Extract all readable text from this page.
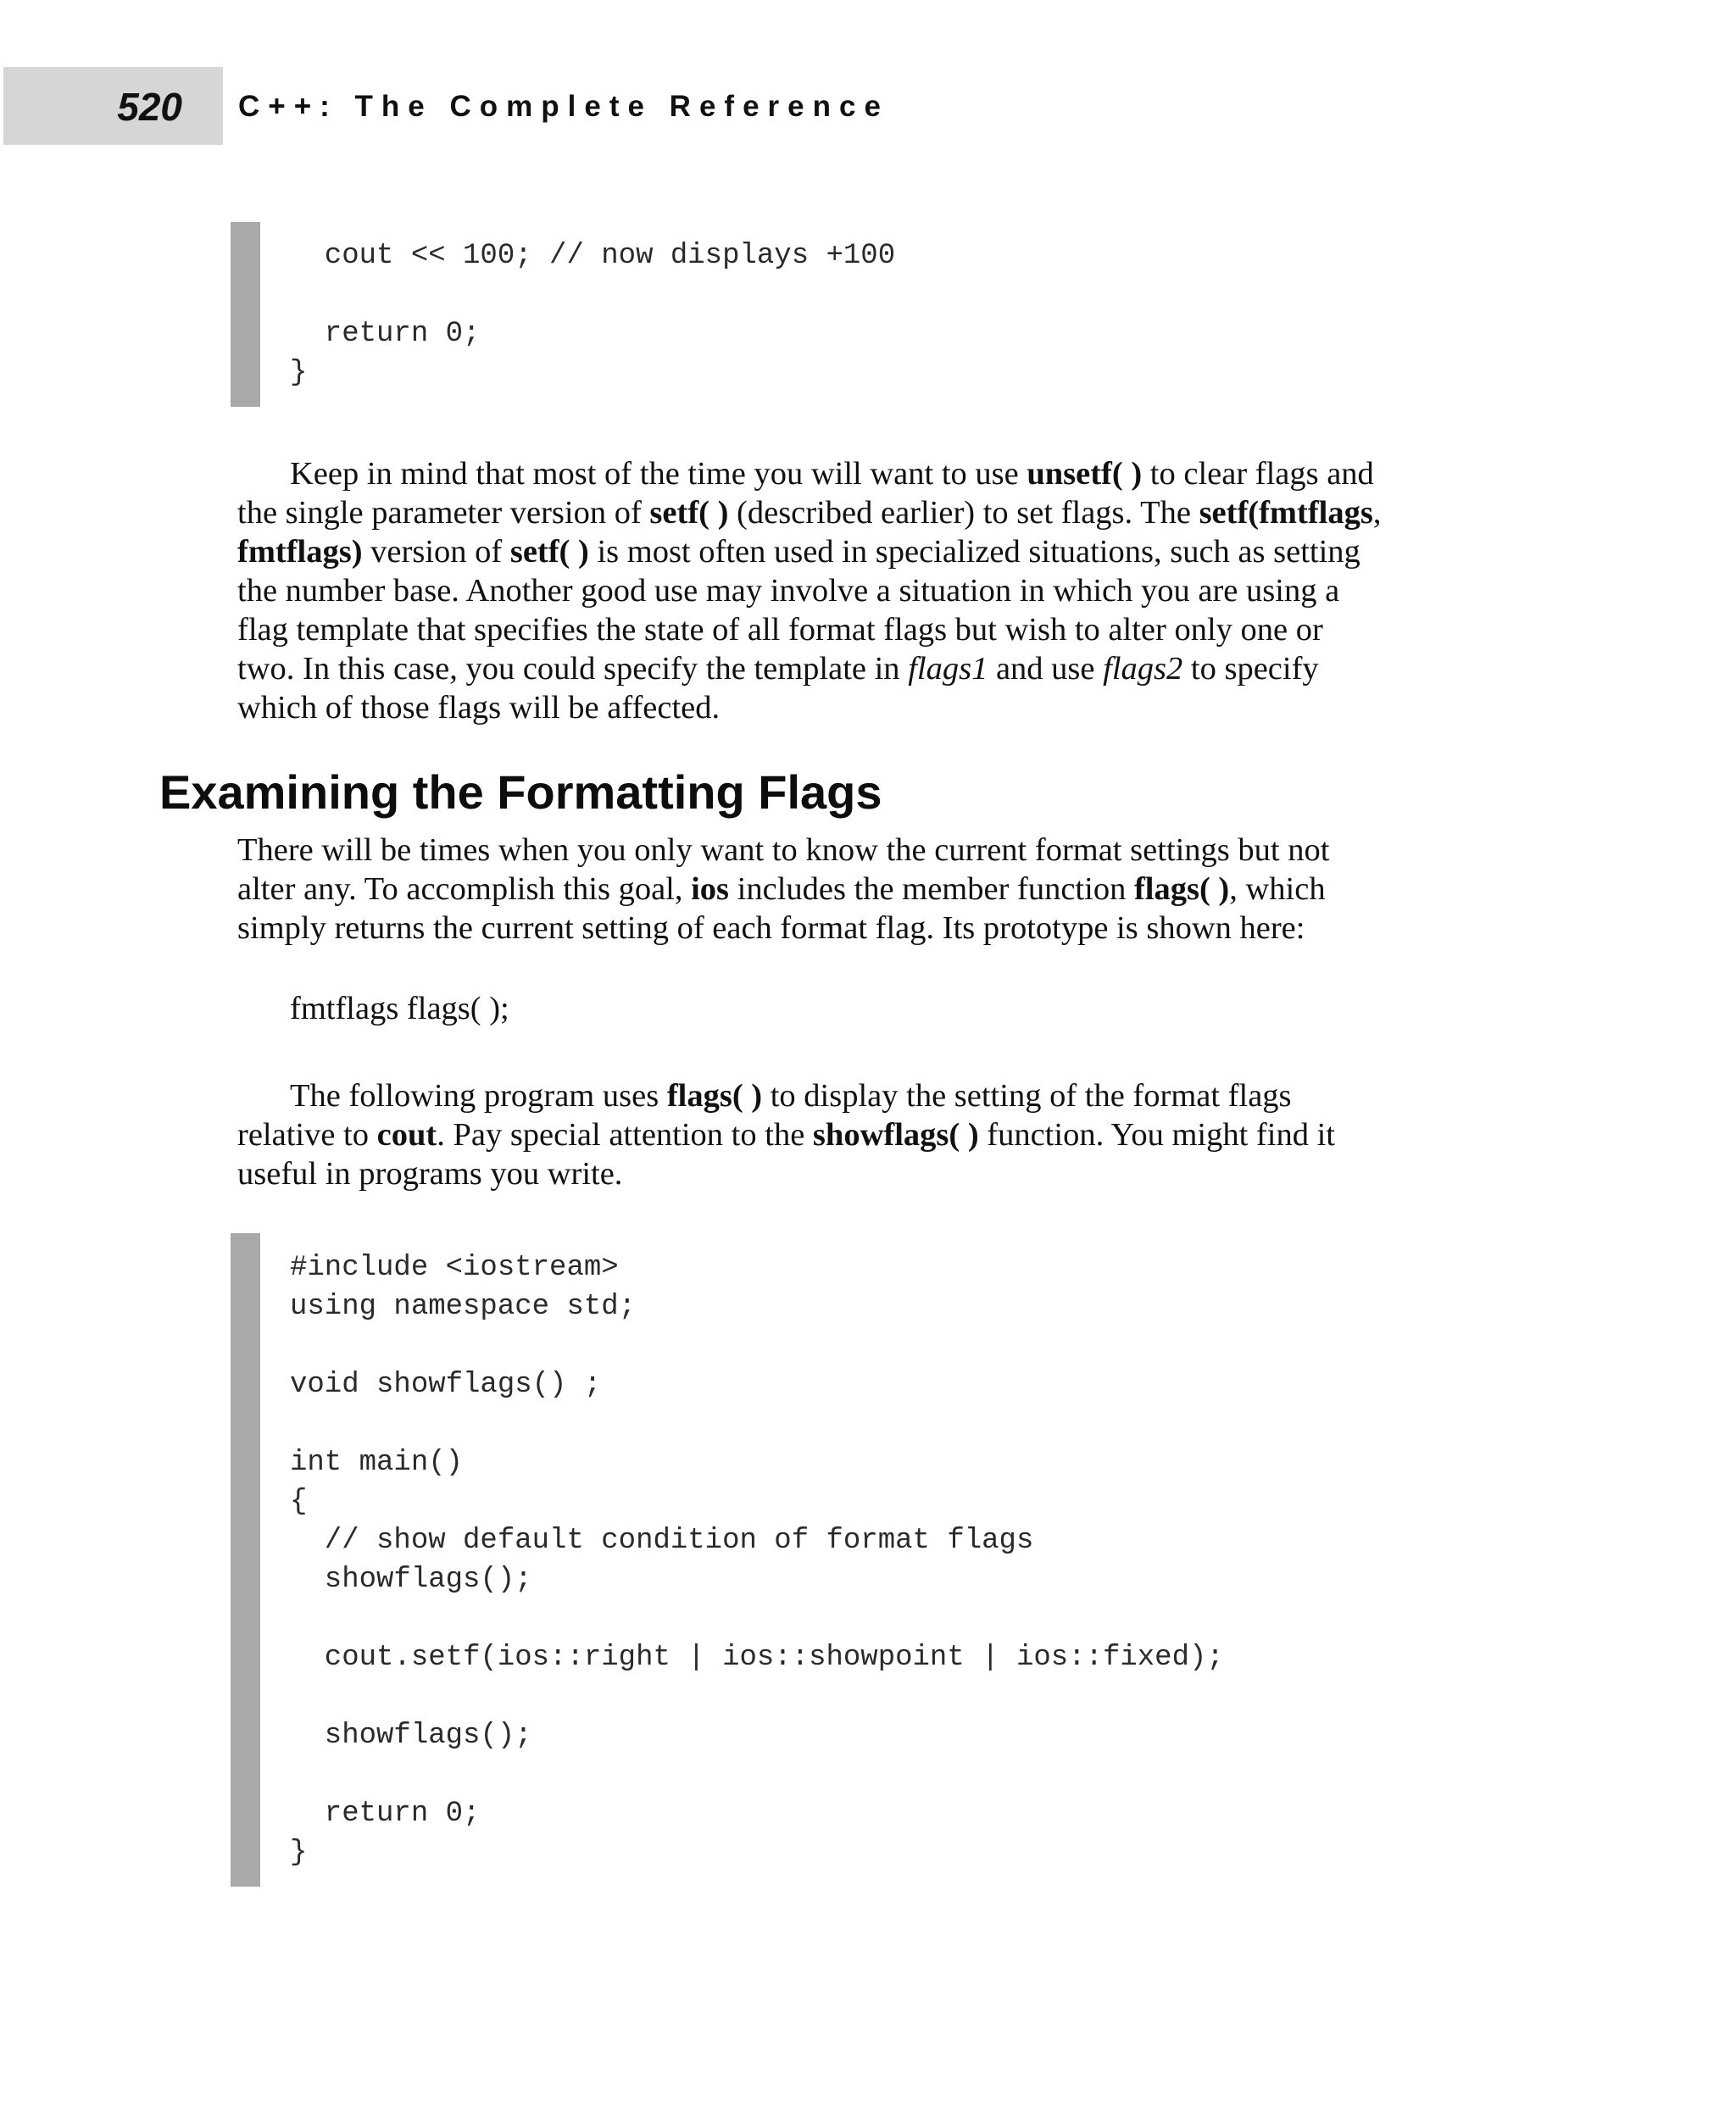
520 C++: The Complete Reference
cout << 100; // now displays +100
return 0;
}
Keep in mind that most of the time you will want to use unsetf( ) to clear flags and
the single parameter version of setf( ) (described earlier) to set flags. The setf(fmtflags,
fmtflags) version of setf( ) is most often used in specialized situations, such as setting
the number base. Another good use may involve a situation in which you are using a
flag template that specifies the state of all format flags but wish to alter only one or
two. In this case, you could specify the template in flags1 and use flags2 to specify
which of those flags will be affected.
Examining the Formatting Flags
There will be times when you only want to know the current format settings but not
alter any. To accomplish this goal, ios includes the member function flags( ), which
simply returns the current setting of each format flag. Its prototype is shown here:
fmtflags flags( );
The following program uses flags( ) to display the setting of the format flags
relative to cout. Pay special attention to the showflags( ) function. You might find it
useful in programs you write.
#include <iostream>
using namespace std;
void showflags() ;
int main()
{
// show default condition of format flags
showflags();
cout.setf(ios::right | ios::showpoint | ios::fixed);
showflags();
return 0;
}
